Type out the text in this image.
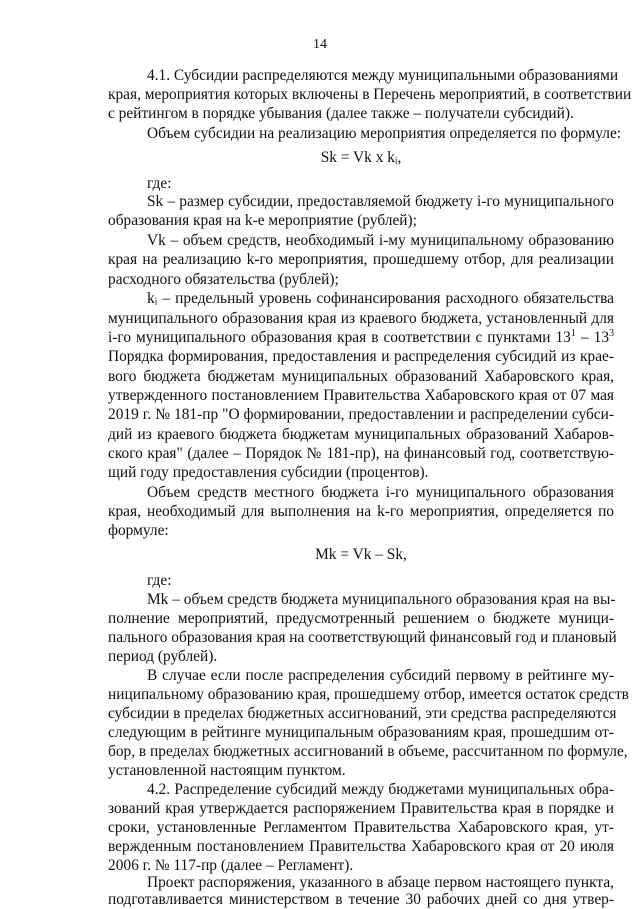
14

4.1. Субсидии распределяются между муниципальными образованиями

края, мероприятия которых включены в Перечень мероприятий, в соответствии

с рейтингом в порядке убывания (далее также – получатели субсидий).

Объем субсидии на реализацию мероприятия определяется по формуле:

Sk = Vk x kᵢ,

где:

Sk – размер субсидии, предоставляемой бюджету i-го муниципального

образования края на k-е мероприятие (рублей);

Vk – объем средств, необходимый i-му муниципальному образованию

края на реализацию k-го мероприятия, прошедшему отбор, для реализации

расходного обязательства (рублей);

kᵢ – предельный уровень софинансирования расходного обязательства

муниципального образования края из краевого бюджета, установленный для

i-го муниципального образования края в соответствии с пунктами $13^1 - 13^3$

Порядка формирования, предоставления и распределения субсидий из крае-

вого бюджета бюджетам муниципальных образований Хабаровского края,

утвержденного постановлением Правительства Хабаровского края от 07 мая

2019 г. № 181-пр "О формировании, предоставлении и распределении субси-

дий из краевого бюджета бюджетам муниципальных образований Хабаров-

ского края" (далее – Порядок № 181-пр), на финансовый год, соответствую-

щий году предоставления субсидии (процентов).

Объем средств местного бюджета i-го муниципального образования

края, необходимый для выполнения на k-го мероприятия, определяется по

формуле:

Mk = Vk – Sk,

где:

Mk – объем средств бюджета муниципального образования края на вы-

полнение мероприятий, предусмотренный решением о бюджете муници-

пального образования края на соответствующий финансовый год и плановый

период (рублей).

В случае если после распределения субсидий первому в рейтинге му-

ниципальному образованию края, прошедшему отбор, имеется остаток средств

субсидии в пределах бюджетных ассигнований, эти средства распределяются

следующим в рейтинге муниципальным образованиям края, прошедшим от-

бор, в пределах бюджетных ассигнований в объеме, рассчитанном по формуле,

установленной настоящим пунктом.

4.2. Распределение субсидий между бюджетами муниципальных обра-

зований края утверждается распоряжением Правительства края в порядке и

сроки, установленные Регламентом Правительства Хабаровского края, ут-

вержденным постановлением Правительства Хабаровского края от 20 июля

2006 г. № 117-пр (далее – Регламент).

Проект распоряжения, указанного в абзаце первом настоящего пункта,

подготавливается министерством в течение 30 рабочих дней со дня утвер-
